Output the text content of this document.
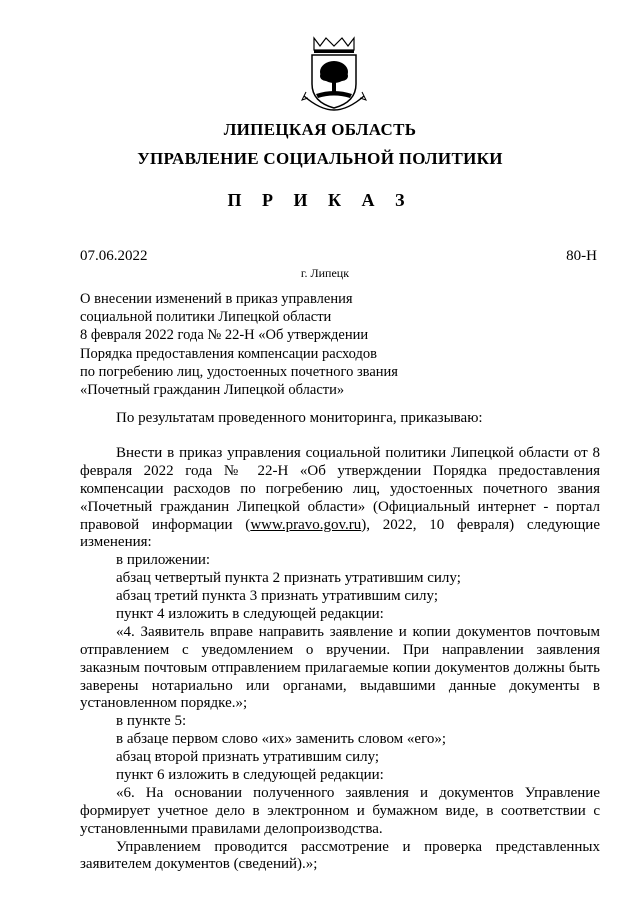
ЛИПЕЦКАЯ ОБЛАСТЬ
УПРАВЛЕНИЕ СОЦИАЛЬНОЙ ПОЛИТИКИ
П Р И К А З
07.06.2022	80-Н
г. Липецк
О внесении изменений в приказ управления
социальной политики Липецкой области
8 февраля 2022 года № 22-Н «Об утверждении
Порядка предоставления компенсации расходов
по погребению лиц, удостоенных почетного звания
«Почетный гражданин Липецкой области»
По результатам проведенного мониторинга, приказываю:
Внести в приказ управления социальной политики Липецкой области от 8
февраля 2022 года № 22-Н «Об утверждении Порядка предоставления
компенсации расходов по погребению лиц, удостоенных почетного звания
«Почетный гражданин Липецкой области» (Официальный интернет - портал
правовой информации (www.pravo.gov.ru), 2022, 10 февраля) следующие
изменения:
в приложении:
абзац четвертый пункта 2 признать утратившим силу;
абзац третий пункта 3 признать утратившим силу;
пункт 4 изложить в следующей редакции:
«4. Заявитель вправе направить заявление и копии документов почтовым
отправлением с уведомлением о вручении. При направлении заявления
заказным почтовым отправлением прилагаемые копии документов должны быть
заверены нотариально или органами, выдавшими данные документы в
установленном порядке.»;
в пункте 5:
в абзаце первом слово «их» заменить словом «его»;
абзац второй признать утратившим силу;
пункт 6 изложить в следующей редакции:
«6. На основании полученного заявления и документов Управление
формирует учетное дело в электронном и бумажном виде, в соответствии с
установленными правилами делопроизводства.
Управлением проводится рассмотрение и проверка представленных
заявителем документов (сведений).»;
